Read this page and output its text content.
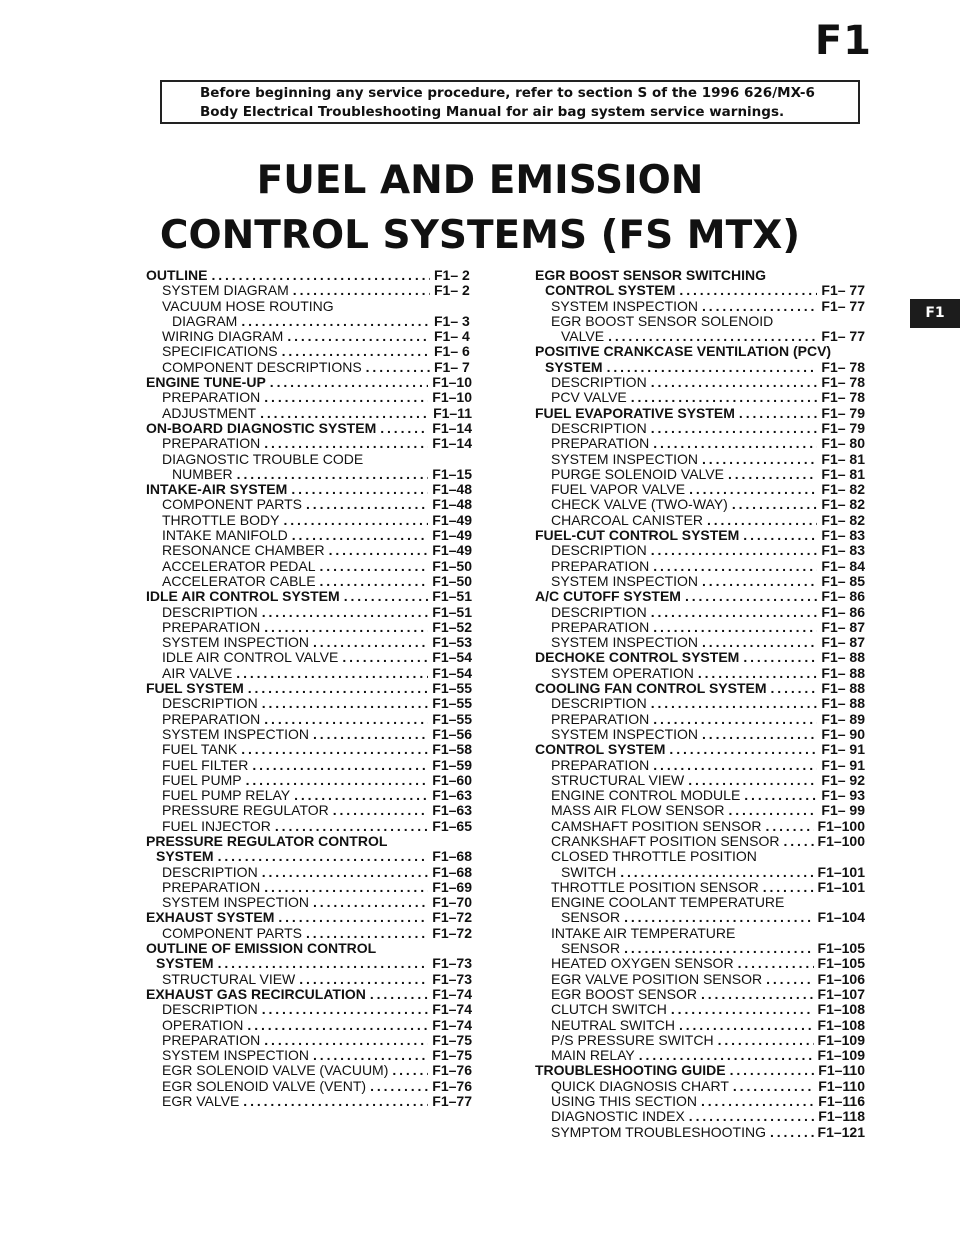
F1
Before beginning any service procedure, refer to section S of the 1996 626/MX-6
Body Electrical Troubleshooting Manual for air bag system service warnings.
FUEL AND EMISSION
CONTROL SYSTEMS (FS MTX)
F1
OUTLINE . . .	F1– 2
SYSTEM DIAGRAM . . .	F1– 2
VACUUM HOSE ROUTING
DIAGRAM . . .	F1– 3
WIRING DIAGRAM . . .	F1– 4
SPECIFICATIONS . . .	F1– 6
COMPONENT DESCRIPTIONS . . .	F1– 7
ENGINE TUNE-UP . . .	F1–10
PREPARATION . . .	F1–10
ADJUSTMENT . . .	F1–11
ON-BOARD DIAGNOSTIC SYSTEM . . .	F1–14
PREPARATION . . .	F1–14
DIAGNOSTIC TROUBLE CODE
NUMBER . . .	F1–15
INTAKE-AIR SYSTEM . . .	F1–48
COMPONENT PARTS . . .	F1–48
THROTTLE BODY . . .	F1–49
INTAKE MANIFOLD . . .	F1–49
RESONANCE CHAMBER . . .	F1–49
ACCELERATOR PEDAL . . .	F1–50
ACCELERATOR CABLE . . .	F1–50
IDLE AIR CONTROL SYSTEM . . .	F1–51
DESCRIPTION . . .	F1–51
PREPARATION . . .	F1–52
SYSTEM INSPECTION . . .	F1–53
IDLE AIR CONTROL VALVE . . .	F1–54
AIR VALVE . . .	F1–54
FUEL SYSTEM . . .	F1–55
DESCRIPTION . . .	F1–55
PREPARATION . . .	F1–55
SYSTEM INSPECTION . . .	F1–56
FUEL TANK . . .	F1–58
FUEL FILTER . . .	F1–59
FUEL PUMP . . .	F1–60
FUEL PUMP RELAY . . .	F1–63
PRESSURE REGULATOR . . .	F1–63
FUEL INJECTOR . . .	F1–65
PRESSURE REGULATOR CONTROL
SYSTEM . . .	F1–68
DESCRIPTION . . .	F1–68
PREPARATION . . .	F1–69
SYSTEM INSPECTION . . .	F1–70
EXHAUST SYSTEM . . .	F1–72
COMPONENT PARTS . . .	F1–72
OUTLINE OF EMISSION CONTROL
SYSTEM . . .	F1–73
STRUCTURAL VIEW . . .	F1–73
EXHAUST GAS RECIRCULATION . . .	F1–74
DESCRIPTION . . .	F1–74
OPERATION . . .	F1–74
PREPARATION . . .	F1–75
SYSTEM INSPECTION . . .	F1–75
EGR SOLENOID VALVE (VACUUM) . . .	F1–76
EGR SOLENOID VALVE (VENT) . . .	F1–76
EGR VALVE . . .	F1–77
EGR BOOST SENSOR SWITCHING
CONTROL SYSTEM . . .	F1– 77
SYSTEM INSPECTION . . .	F1– 77
EGR BOOST SENSOR SOLENOID
VALVE . . .	F1– 77
POSITIVE CRANKCASE VENTILATION (PCV)
SYSTEM . . .	F1– 78
DESCRIPTION . . .	F1– 78
PCV VALVE . . .	F1– 78
FUEL EVAPORATIVE SYSTEM . . .	F1– 79
DESCRIPTION . . .	F1– 79
PREPARATION . . .	F1– 80
SYSTEM INSPECTION . . .	F1– 81
PURGE SOLENOID VALVE . . .	F1– 81
FUEL VAPOR VALVE . . .	F1– 82
CHECK VALVE (TWO-WAY) . . .	F1– 82
CHARCOAL CANISTER . . .	F1– 82
FUEL-CUT CONTROL SYSTEM . . .	F1– 83
DESCRIPTION . . .	F1– 83
PREPARATION . . .	F1– 84
SYSTEM INSPECTION . . .	F1– 85
A/C CUTOFF SYSTEM . . .	F1– 86
DESCRIPTION . . .	F1– 86
PREPARATION . . .	F1– 87
SYSTEM INSPECTION . . .	F1– 87
DECHOKE CONTROL SYSTEM . . .	F1– 88
SYSTEM OPERATION . . .	F1– 88
COOLING FAN CONTROL SYSTEM . . .	F1– 88
DESCRIPTION . . .	F1– 88
PREPARATION . . .	F1– 89
SYSTEM INSPECTION . . .	F1– 90
CONTROL SYSTEM . . .	F1– 91
PREPARATION . . .	F1– 91
STRUCTURAL VIEW . . .	F1– 92
ENGINE CONTROL MODULE . . .	F1– 93
MASS AIR FLOW SENSOR . . .	F1– 99
CAMSHAFT POSITION SENSOR . . .	F1–100
CRANKSHAFT POSITION SENSOR . . .	F1–100
CLOSED THROTTLE POSITION
SWITCH . . .	F1–101
THROTTLE POSITION SENSOR . . .	F1–101
ENGINE COOLANT TEMPERATURE
SENSOR . . .	F1–104
INTAKE AIR TEMPERATURE
SENSOR . . .	F1–105
HEATED OXYGEN SENSOR . . .	F1–105
EGR VALVE POSITION SENSOR . . .	F1–106
EGR BOOST SENSOR . . .	F1–107
CLUTCH SWITCH . . .	F1–108
NEUTRAL SWITCH . . .	F1–108
P/S PRESSURE SWITCH . . .	F1–109
MAIN RELAY . . .	F1–109
TROUBLESHOOTING GUIDE . . .	F1–110
QUICK DIAGNOSIS CHART . . .	F1–110
USING THIS SECTION . . .	F1–116
DIAGNOSTIC INDEX . . .	F1–118
SYMPTOM TROUBLESHOOTING . . .	F1–121
